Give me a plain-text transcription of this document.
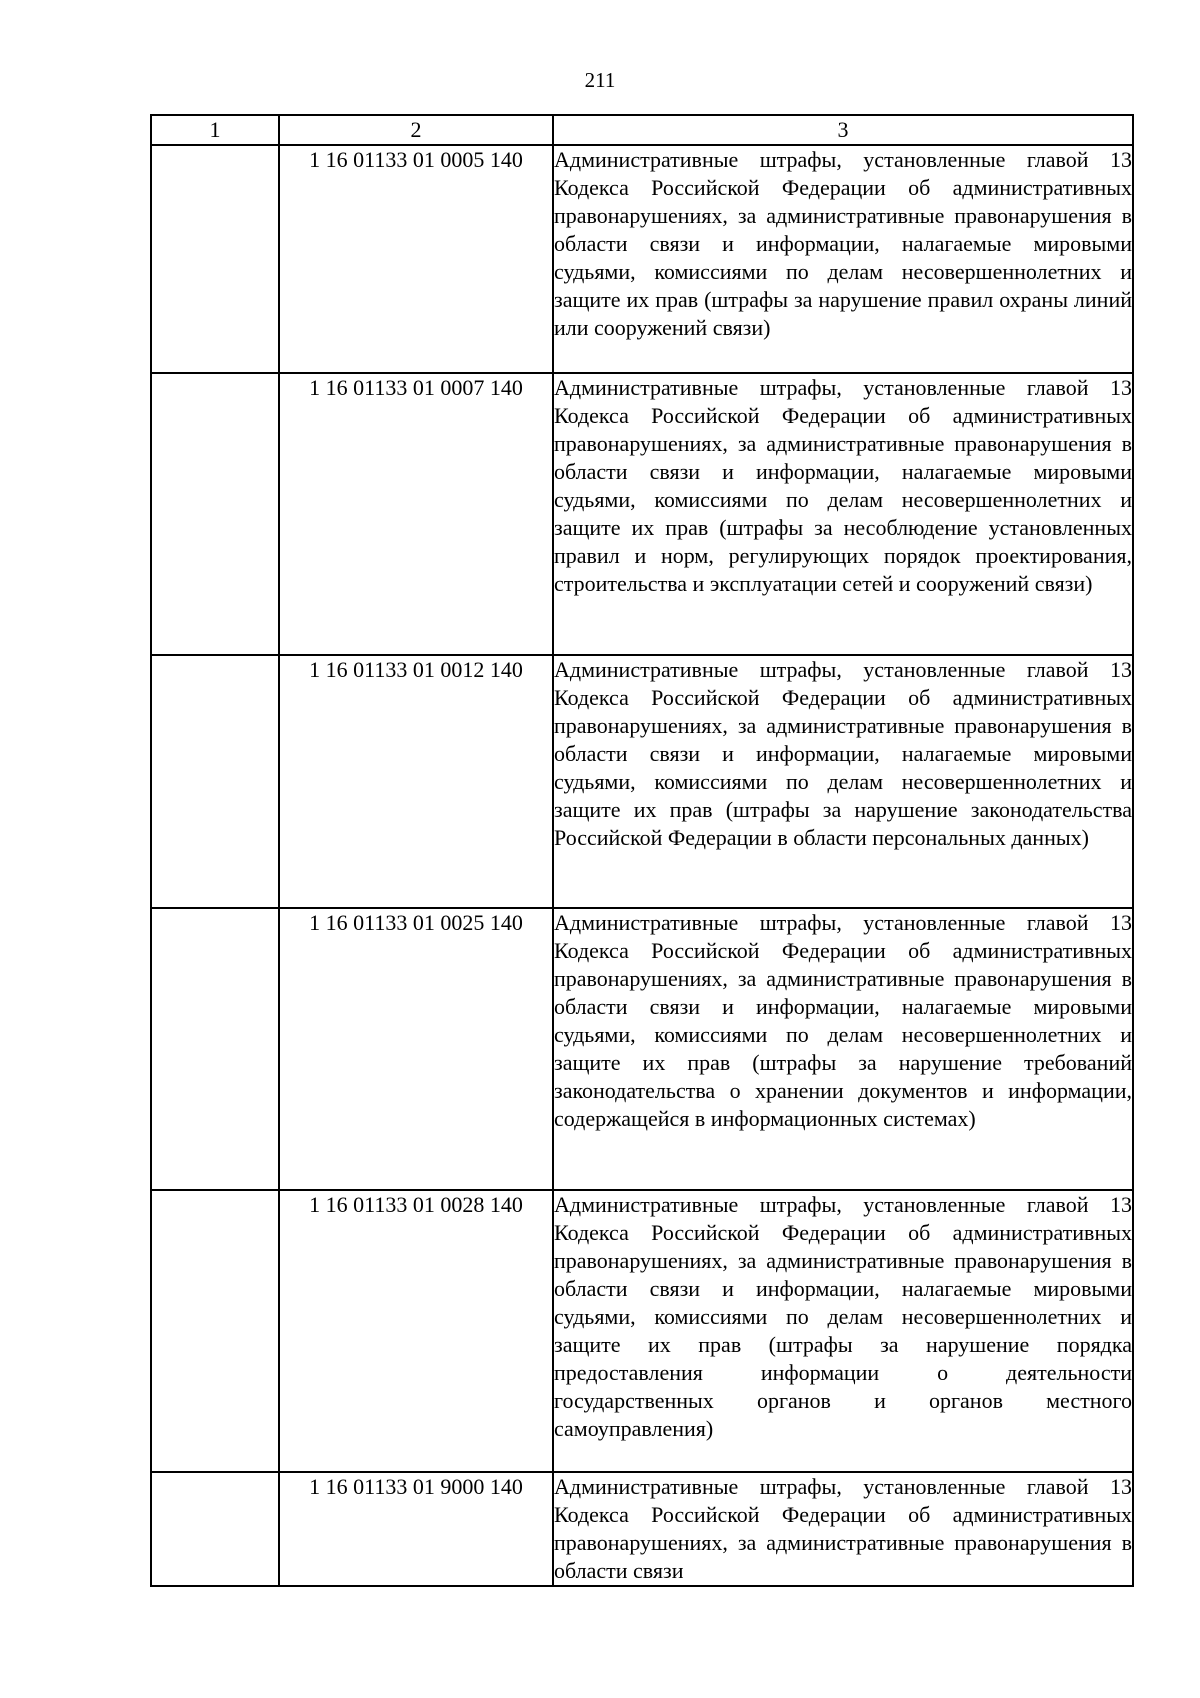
211
1	2	3
	1 16 01133 01 0005 140	Административные штрафы, установленные главой 13 Кодекса Российской Федерации об административных правонарушениях, за административные правонарушения в области связи и информации, налагаемые мировыми судьями, комиссиями по делам несовершеннолетних и защите их прав (штрафы за нарушение правил охраны линий или сооружений связи)
	1 16 01133 01 0007 140	Административные штрафы, установленные главой 13 Кодекса Российской Федерации об административных правонарушениях, за административные правонарушения в области связи и информации, налагаемые мировыми судьями, комиссиями по делам несовершеннолетних и защите их прав (штрафы за несоблюдение установленных правил и норм, регулирующих порядок проектирования, строительства и эксплуатации сетей и сооружений связи)
	1 16 01133 01 0012 140	Административные штрафы, установленные главой 13 Кодекса Российской Федерации об административных правонарушениях, за административные правонарушения в области связи и информации, налагаемые мировыми судьями, комиссиями по делам несовершеннолетних и защите их прав (штрафы за нарушение законодательства Российской Федерации в области персональных данных)
	1 16 01133 01 0025 140	Административные штрафы, установленные главой 13 Кодекса Российской Федерации об административных правонарушениях, за административные правонарушения в области связи и информации, налагаемые мировыми судьями, комиссиями по делам несовершеннолетних и защите их прав (штрафы за нарушение требований законодательства о хранении документов и информации, содержащейся в информационных системах)
	1 16 01133 01 0028 140	Административные штрафы, установленные главой 13 Кодекса Российской Федерации об административных правонарушениях, за административные правонарушения в области связи и информации, налагаемые мировыми судьями, комиссиями по делам несовершеннолетних и защите их прав (штрафы за нарушение порядка предоставления информации о деятельности государственных органов и органов местного самоуправления)
	1 16 01133 01 9000 140	Административные штрафы, установленные главой 13 Кодекса Российской Федерации об административных правонарушениях, за административные правонарушения в области связи
